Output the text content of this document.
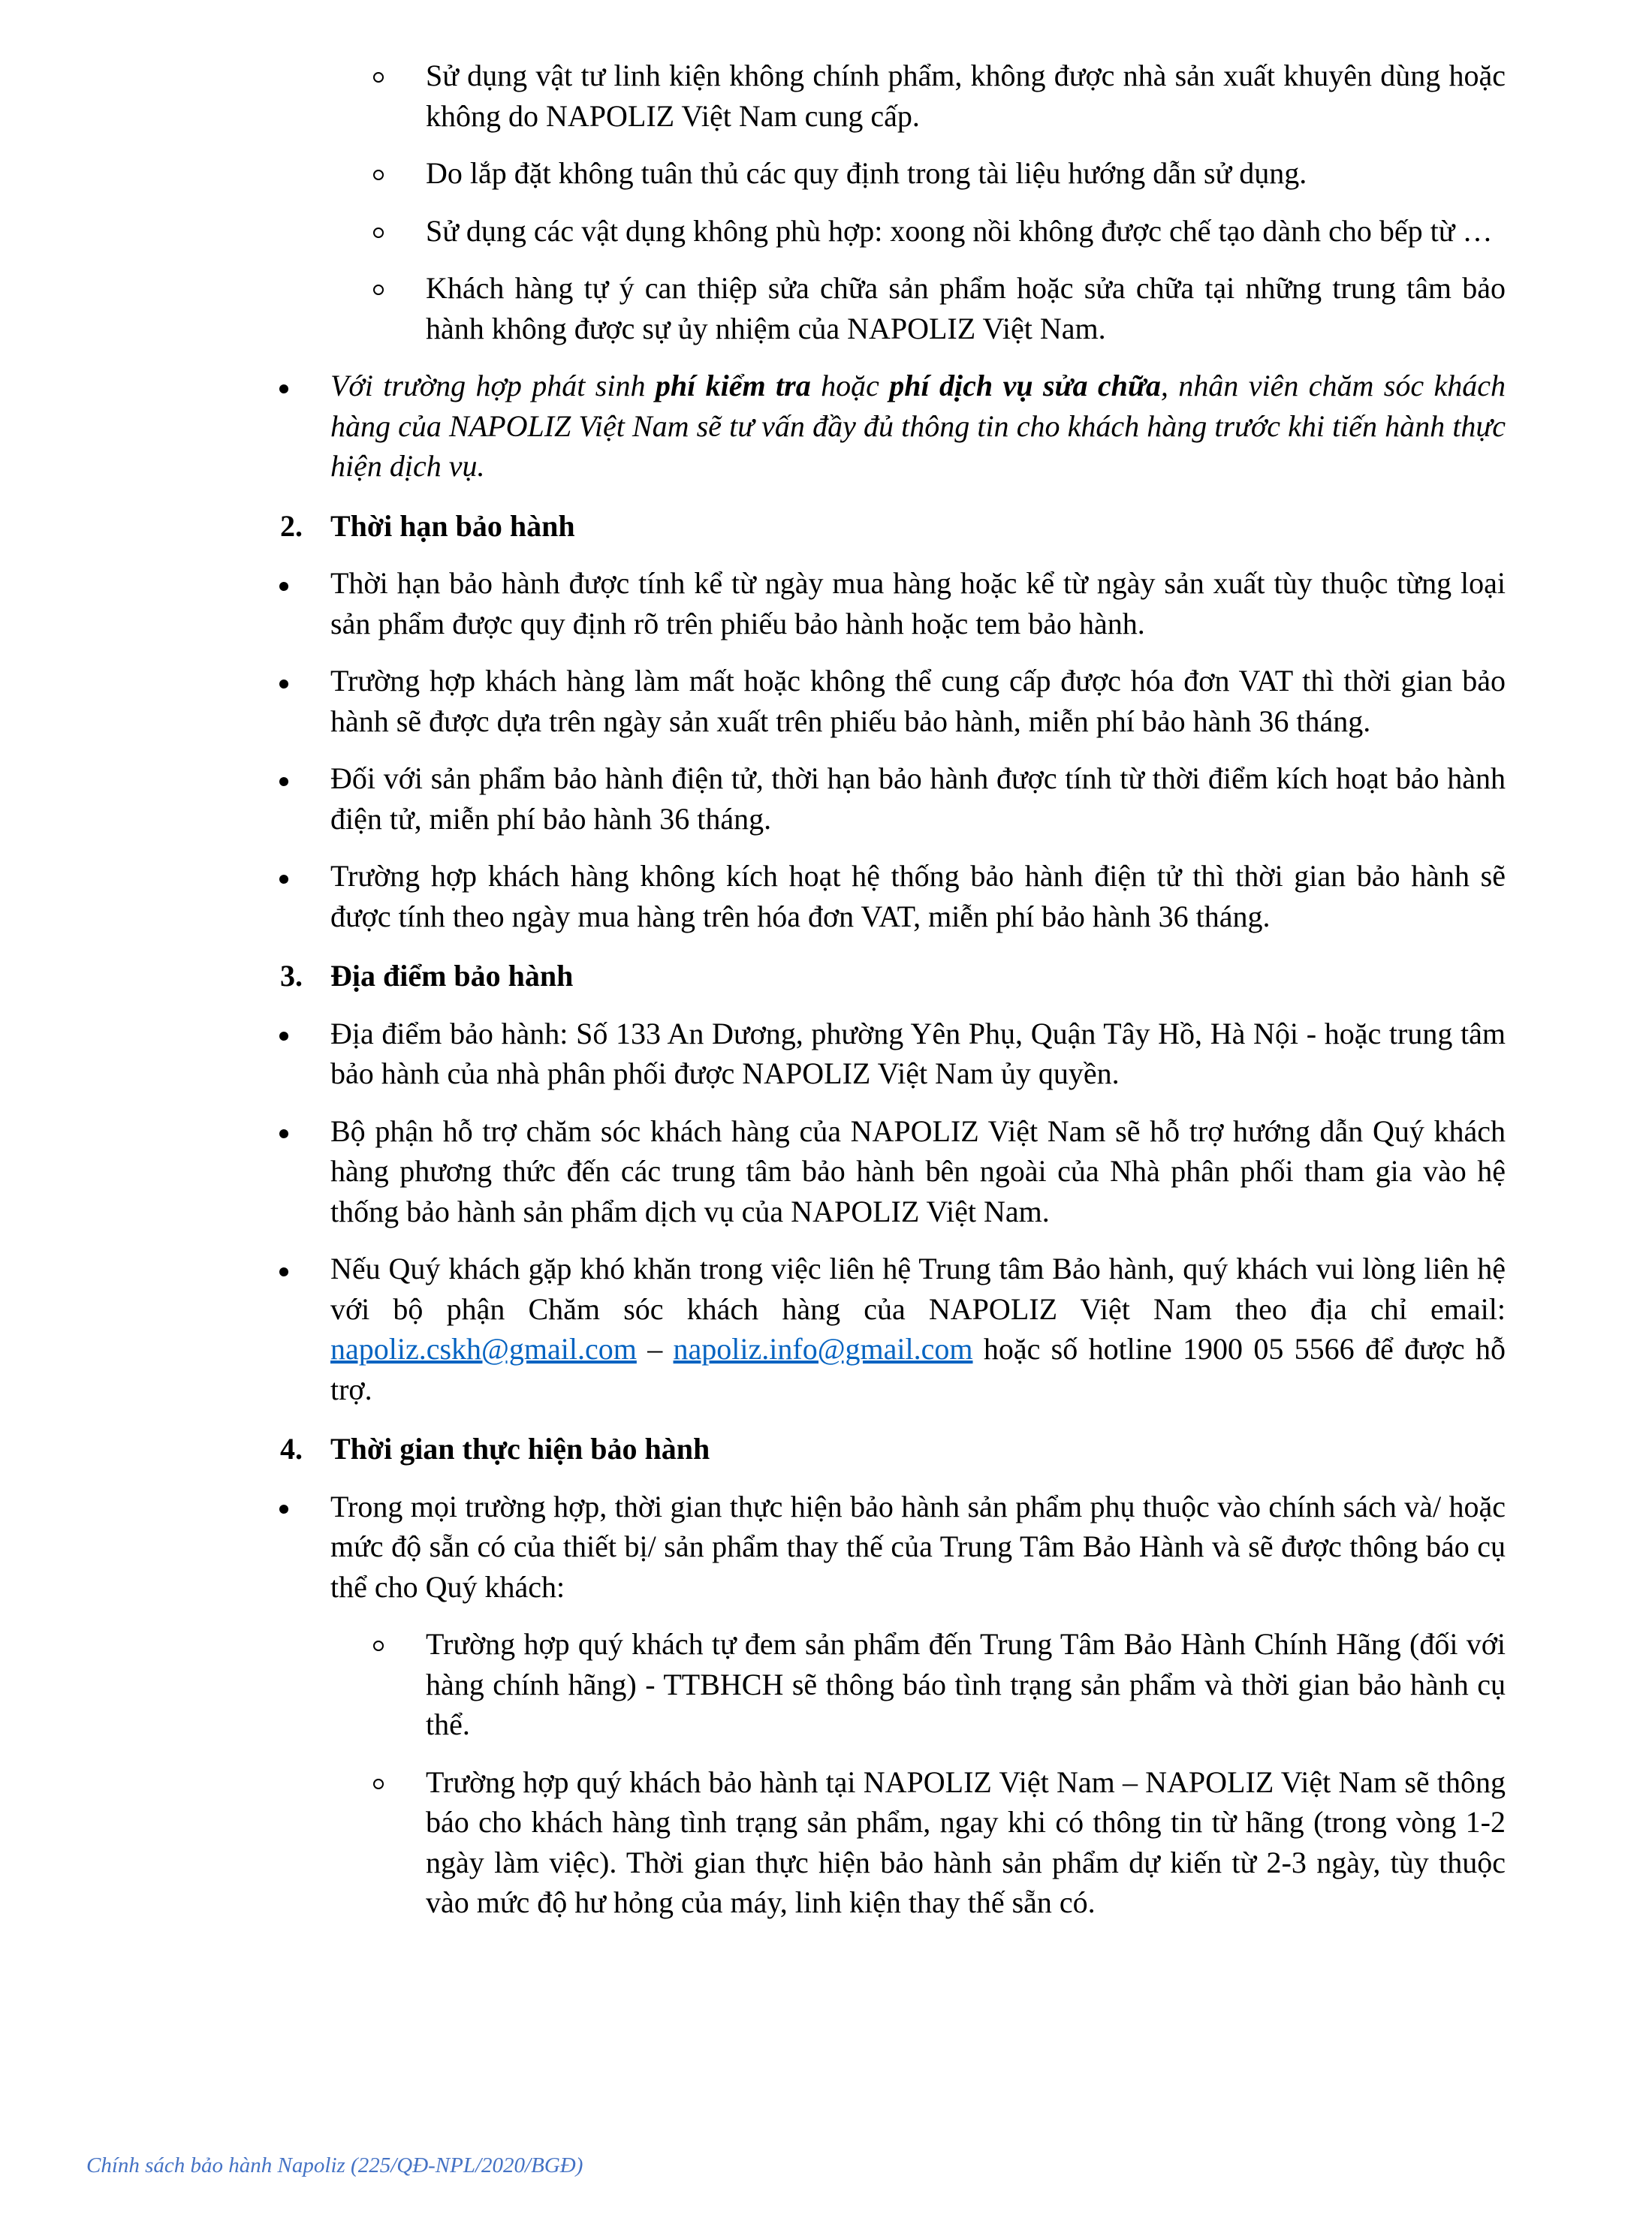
Sử dụng vật tư linh kiện không chính phẩm, không được nhà sản xuất khuyên dùng hoặc không do NAPOLIZ Việt Nam cung cấp.
Do lắp đặt không tuân thủ các quy định trong tài liệu hướng dẫn sử dụng.
Sử dụng các vật dụng không phù hợp: xoong nồi không được chế tạo dành cho bếp từ …
Khách hàng tự ý can thiệp sửa chữa sản phẩm hoặc sửa chữa tại những trung tâm bảo hành không được sự ủy nhiệm của NAPOLIZ Việt Nam.
Với trường hợp phát sinh phí kiểm tra hoặc phí dịch vụ sửa chữa, nhân viên chăm sóc khách hàng của NAPOLIZ Việt Nam sẽ tư vấn đầy đủ thông tin cho khách hàng trước khi tiến hành thực hiện dịch vụ.
2. Thời hạn bảo hành
Thời hạn bảo hành được tính kể từ ngày mua hàng hoặc kể từ ngày sản xuất tùy thuộc từng loại sản phẩm được quy định rõ trên phiếu bảo hành hoặc tem bảo hành.
Trường hợp khách hàng làm mất hoặc không thể cung cấp được hóa đơn VAT thì thời gian bảo hành sẽ được dựa trên ngày sản xuất trên phiếu bảo hành, miễn phí bảo hành 36 tháng.
Đối với sản phẩm bảo hành điện tử, thời hạn bảo hành được tính từ thời điểm kích hoạt bảo hành điện tử, miễn phí bảo hành 36 tháng.
Trường hợp khách hàng không kích hoạt hệ thống bảo hành điện tử thì thời gian bảo hành sẽ được tính theo ngày mua hàng trên hóa đơn VAT, miễn phí bảo hành 36 tháng.
3. Địa điểm bảo hành
Địa điểm bảo hành: Số 133 An Dương, phường Yên Phụ, Quận Tây Hồ, Hà Nội - hoặc trung tâm bảo hành của nhà phân phối được NAPOLIZ Việt Nam ủy quyền.
Bộ phận hỗ trợ chăm sóc khách hàng của NAPOLIZ Việt Nam sẽ hỗ trợ hướng dẫn Quý khách hàng phương thức đến các trung tâm bảo hành bên ngoài của Nhà phân phối tham gia vào hệ thống bảo hành sản phẩm dịch vụ của NAPOLIZ Việt Nam.
Nếu Quý khách gặp khó khăn trong việc liên hệ Trung tâm Bảo hành, quý khách vui lòng liên hệ với bộ phận Chăm sóc khách hàng của NAPOLIZ Việt Nam theo địa chỉ email: napoliz.cskh@gmail.com – napoliz.info@gmail.com hoặc số hotline 1900 05 5566 để được hỗ trợ.
4. Thời gian thực hiện bảo hành
Trong mọi trường hợp, thời gian thực hiện bảo hành sản phẩm phụ thuộc vào chính sách và/ hoặc mức độ sẵn có của thiết bị/ sản phẩm thay thế của Trung Tâm Bảo Hành và sẽ được thông báo cụ thể cho Quý khách:
Trường hợp quý khách tự đem sản phẩm đến Trung Tâm Bảo Hành Chính Hãng (đối với hàng chính hãng) - TTBHCH sẽ thông báo tình trạng sản phẩm và thời gian bảo hành cụ thể.
Trường hợp quý khách bảo hành tại NAPOLIZ Việt Nam – NAPOLIZ Việt Nam sẽ thông báo cho khách hàng tình trạng sản phẩm, ngay khi có thông tin từ hãng (trong vòng 1-2 ngày làm việc). Thời gian thực hiện bảo hành sản phẩm dự kiến từ 2-3 ngày, tùy thuộc vào mức độ hư hỏng của máy, linh kiện thay thế sẵn có.
Chính sách bảo hành Napoliz (225/QĐ-NPL/2020/BGĐ)
